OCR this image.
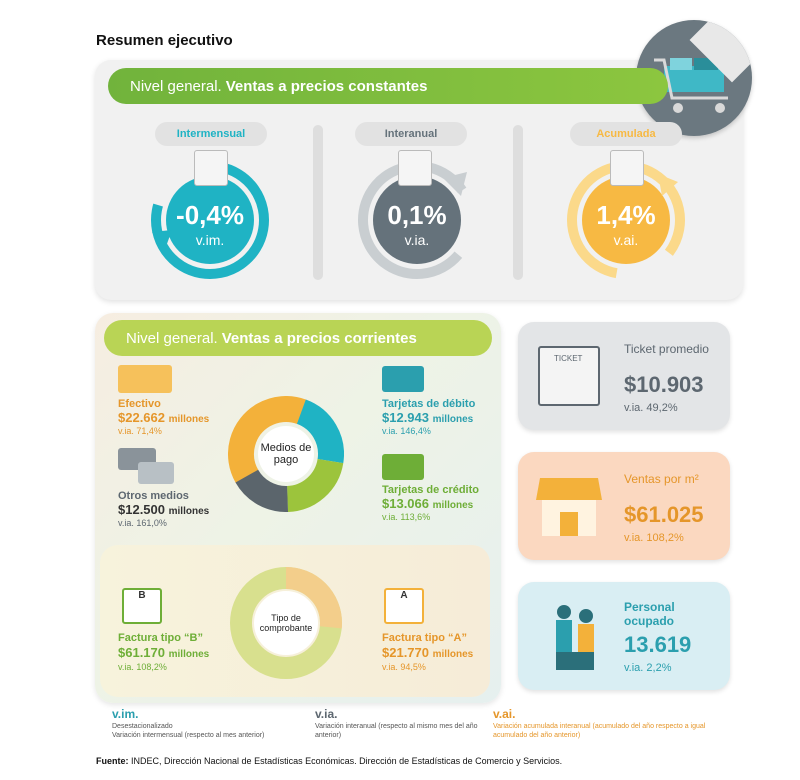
Resumen ejecutivo
Nivel general. Ventas a precios constantes
Intermensual
-0,4%
v.im.
Interanual
0,1%
v.ia.
Acumulada
1,4%
v.ai.
Nivel general. Ventas a precios corrientes
Efectivo
$22.662 millones
v.ia. 71,4%
Otros medios
$12.500 millones
v.ia. 161,0%
Medios de pago
Tarjetas de débito
$12.943 millones
v.ia. 146,4%
Tarjetas de crédito
$13.066 millones
v.ia. 113,6%
Tipo de comprobante
B
Factura tipo “B”
$61.170 millones
v.ia. 108,2%
A
Factura tipo “A”
$21.770 millones
v.ia. 94,5%
TICKET
Ticket promedio
$10.903
v.ia. 49,2%
Ventas por m²
$61.025
v.ia. 108,2%
Personal ocupado
13.619
v.ia. 2,2%
v.im.
Desestacionalizado
Variación intermensual (respecto al mes anterior)
v.ia.
Variación interanual (respecto al mismo mes del año anterior)
v.ai.
Variación acumulada interanual (acumulado del año respecto a igual acumulado del año anterior)
Fuente: INDEC, Dirección Nacional de Estadísticas Económicas. Dirección de Estadísticas de Comercio y Servicios.
